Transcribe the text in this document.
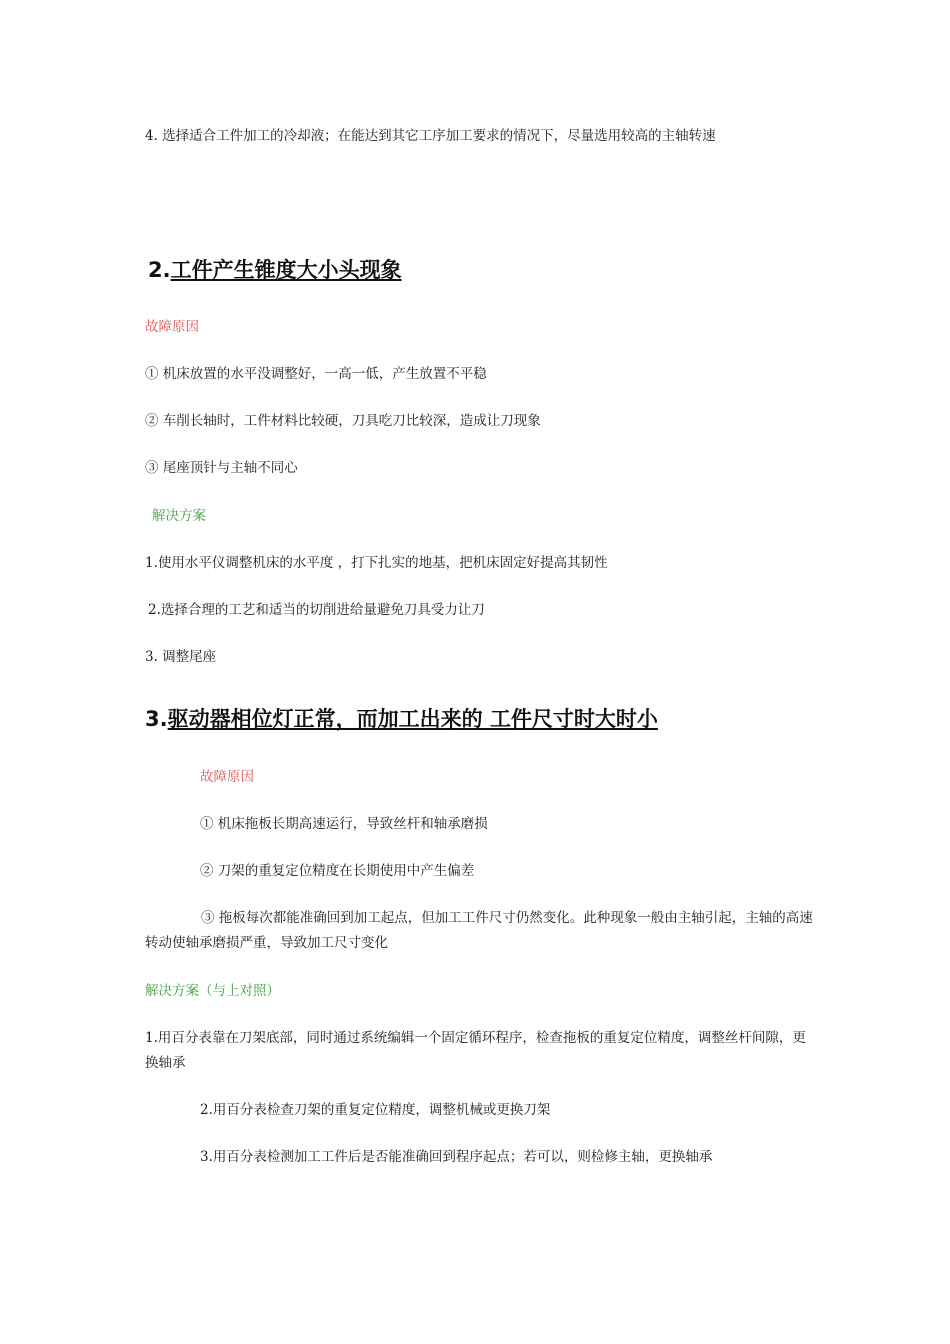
4. 选择适合工件加工的冷却液；在能达到其它工序加工要求的情况下，尽量选用较高的主轴转速
2.工件产生锥度大小头现象
故障原因
① 机床放置的水平没调整好，一高一低，产生放置不平稳
② 车削长轴时，工件材料比较硬，刀具吃刀比较深，造成让刀现象
③ 尾座顶针与主轴不同心
解决方案
1.使用水平仪调整机床的水平度 ，打下扎实的地基，把机床固定好提高其韧性
2.选择合理的工艺和适当的切削进给量避免刀具受力让刀
3. 调整尾座
3.驱动器相位灯正常，而加工出来的 工件尺寸时大时小
故障原因
① 机床拖板长期高速运行，导致丝杆和轴承磨损
② 刀架的重复定位精度在长期使用中产生偏差
③ 拖板每次都能准确回到加工起点，但加工工件尺寸仍然变化。此种现象一般由主轴引起，主轴的高速转动使轴承磨损严重，导致加工尺寸变化
解决方案（与上对照）
1.用百分表靠在刀架底部，同时通过系统编辑一个固定循环程序，检查拖板的重复定位精度，调整丝杆间隙，更换轴承
2.用百分表检查刀架的重复定位精度，调整机械或更换刀架
3.用百分表检测加工工件后是否能准确回到程序起点；若可以，则检修主轴，更换轴承
